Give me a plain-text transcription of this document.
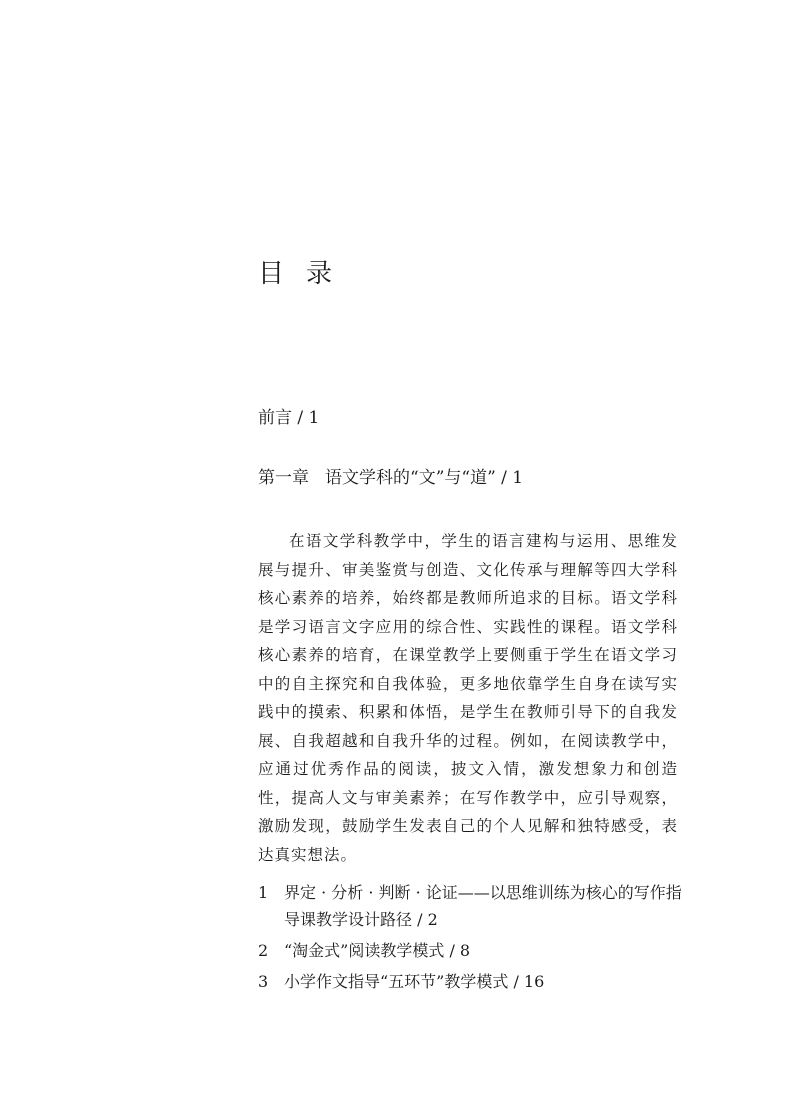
目录
前言 / 1
第一章 语文学科的“文”与“道” / 1

在语文学科教学中，学生的语言建构与运用、思维发展与提升、审美鉴赏与创造、文化传承与理解等四大学科核心素养的培养，始终都是教师所追求的目标。语文学科是学习语言文字应用的综合性、实践性的课程。语文学科核心素养的培育，在课堂教学上要侧重于学生在语文学习中的自主探究和自我体验，更多地依靠学生自身在读写实践中的摸索、积累和体悟，是学生在教师引导下的自我发展、自我超越和自我升华的过程。例如，在阅读教学中，应通过优秀作品的阅读，披文入情，激发想象力和创造性，提高人文与审美素养；在写作教学中，应引导观察，激励发现，鼓励学生发表自己的个人见解和独特感受，表达真实想法。

1 界定 · 分析 · 判断 · 论证——以思维训练为核心的写作指导课教学设计路径 / 2
2 “淘金式”阅读教学模式 / 8
3 小学作文指导“五环节”教学模式 / 16
